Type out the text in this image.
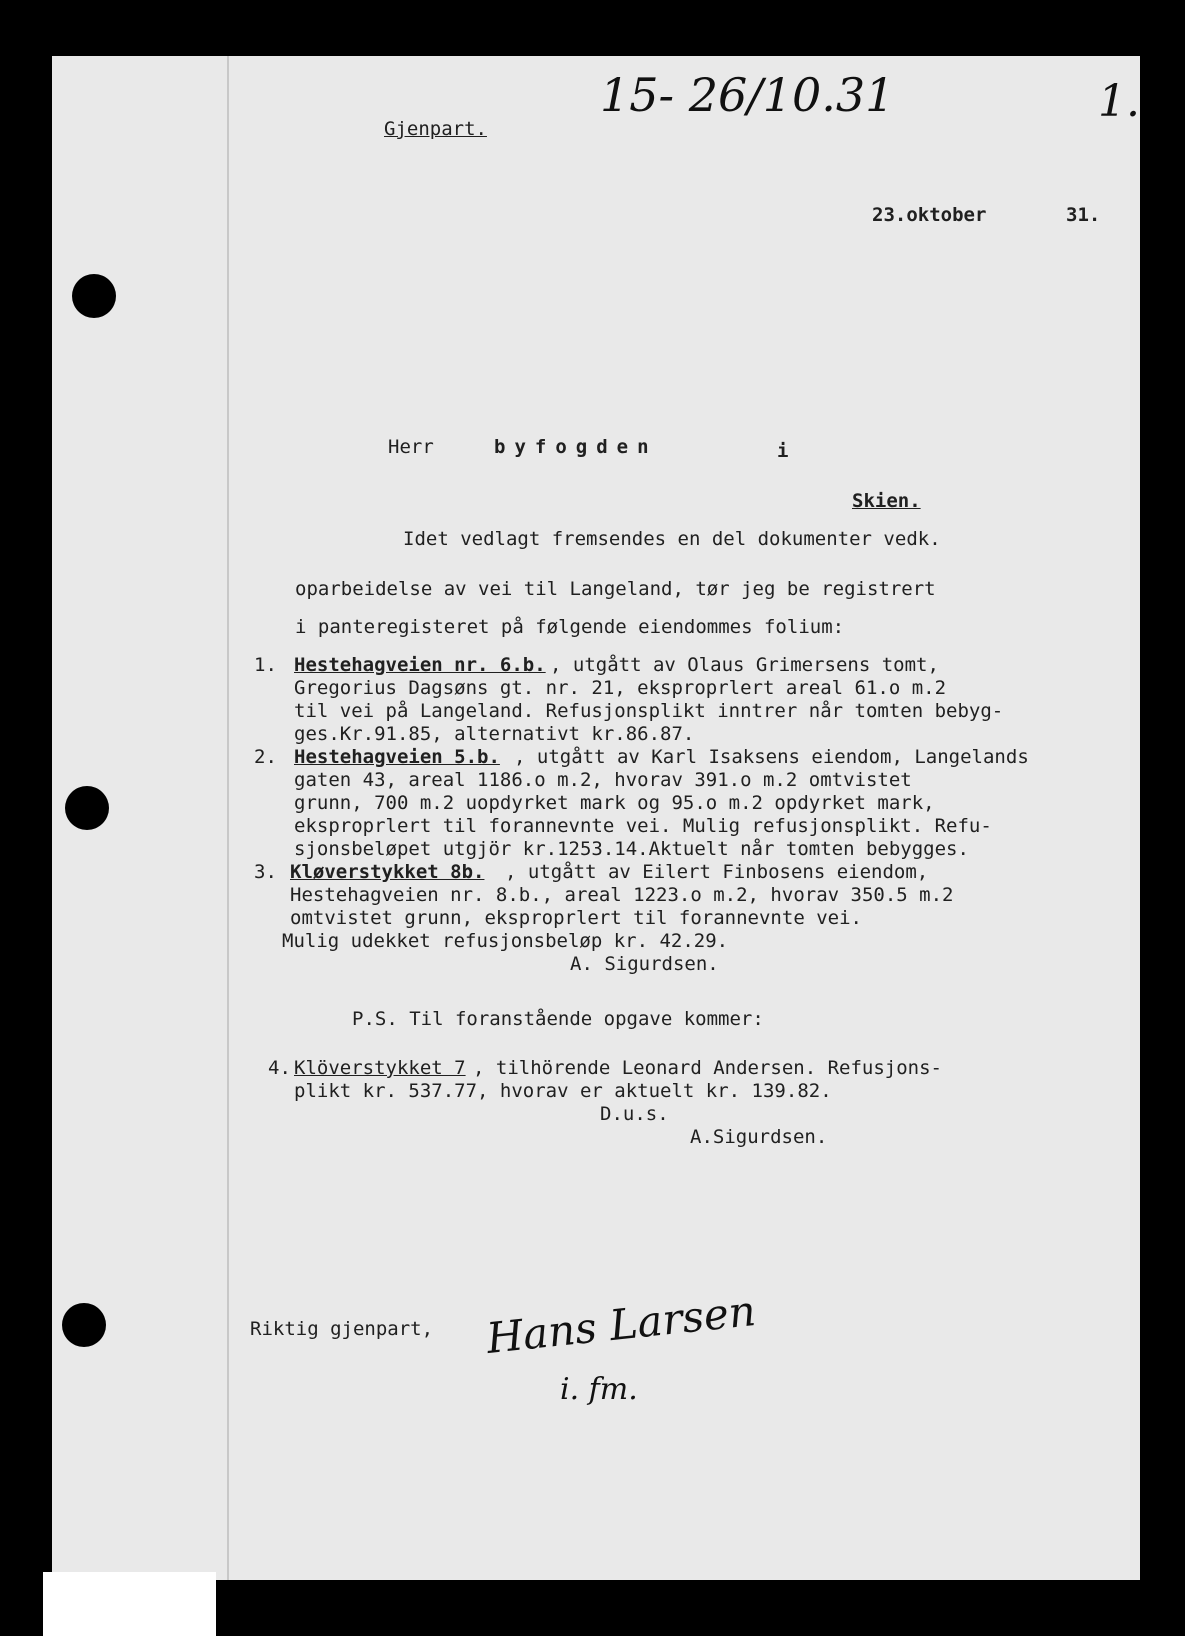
15- 26/10.31	1.
Gjenpart.
23.oktober	31.
Herr	byfogden	i
Skien.
Idet vedlagt fremsendes en del dokumenter vedk.
oparbeidelse av vei til Langeland, tør jeg be registrert
i panteregisteret på følgende eiendommes folium:
1. Hestehagveien nr. 6.b. , utgått av Olaus Grimersens tomt,
Gregorius Dagsøns gt. nr. 21, eksproprlert areal 61.o m.2
til vei på Langeland. Refusjonsplikt inntrer når tomten bebyg-
ges.Kr.91.85, alternativt kr.86.87.
2. Hestehagveien 5.b. , utgått av Karl Isaksens eiendom, Langelands
gaten 43, areal 1186.o m.2, hvorav 391.o m.2 omtvistet
grunn, 700 m.2 uopdyrket mark og 95.o m.2 opdyrket mark,
eksproprlert til forannevnte vei. Mulig refusjonsplikt. Refu-
sjonsbeløpet utgjör kr.1253.14.Aktuelt når tomten bebygges.
3. Kløverstykket 8b. , utgått av Eilert Finbosens eiendom,
Hestehagveien nr. 8.b., areal 1223.o m.2, hvorav 350.5 m.2
omtvistet grunn, eksproprlert til forannevnte vei.
Mulig udekket refusjonsbeløp kr. 42.29.
A. Sigurdsen.
P.S. Til foranstående opgave kommer:
4. Klöverstykket 7 , tilhörende Leonard Andersen. Refusjons-
plikt kr. 537.77, hvorav er aktuelt kr. 139.82.
D.u.s.
A.Sigurdsen.
Riktig gjenpart, Hans Larsen
i. fm.
